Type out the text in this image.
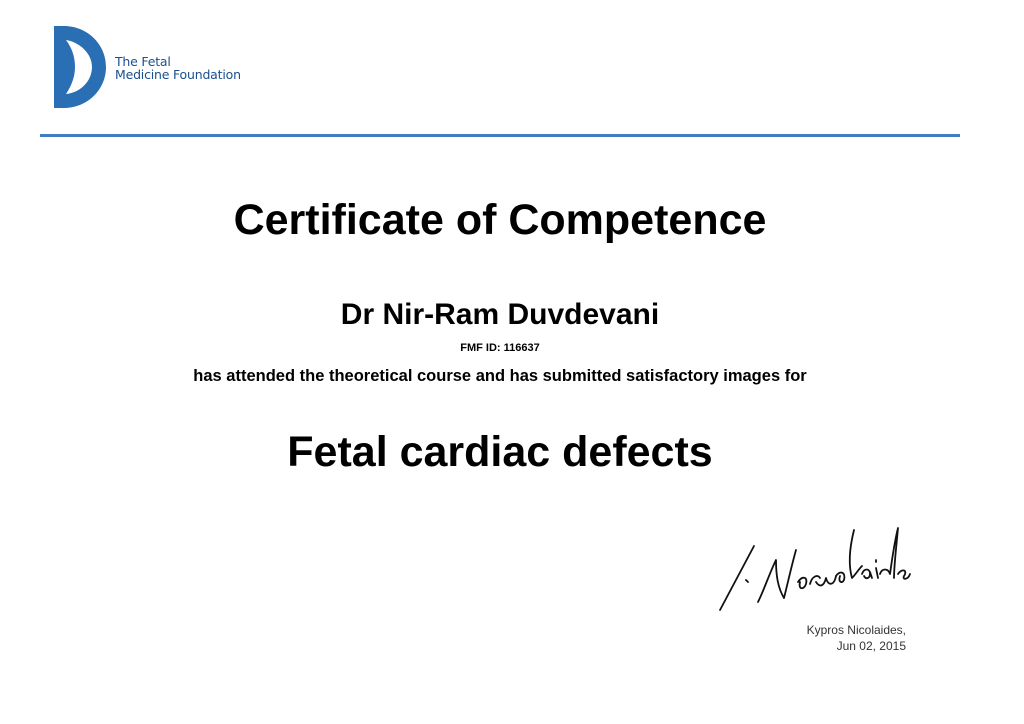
The Fetal
Medicine Foundation
Certificate of Competence
Dr Nir-Ram Duvdevani
FMF ID: 116637
has attended the theoretical course and has submitted satisfactory images for
Fetal cardiac defects
Kypros Nicolaides,
Jun 02, 2015
